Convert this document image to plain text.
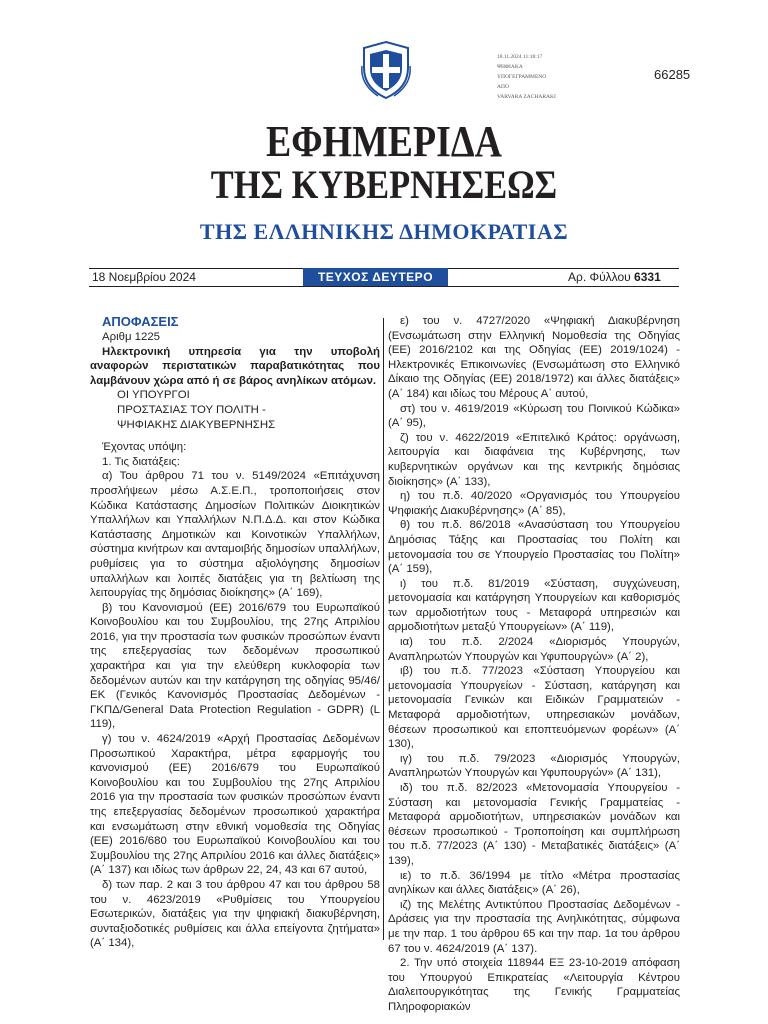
18.11.2024 11:18:17
ΨΗΦΙΑΚΑ
ΥΠΟΓΕΓΡΑΜΜΕΝΟ
ΑΠΟ
VARVARA ZACHARAKI
66285
ΕΦΗΜΕΡΙΔΑ
ΤΗΣ ΚΥΒΕΡΝΗΣΕΩΣ
ΤΗΣ ΕΛΛΗΝΙΚΗΣ ΔΗΜΟΚΡΑΤΙΑΣ
18 Νοεμβρίου 2024	ΤΕΥΧΟΣ ΔΕΥΤΕΡΟ	Αρ. Φύλλου 6331

ΑΠΟΦΑΣΕΙΣ

Αριθμ 1225

Ηλεκτρονική υπηρεσία για την υποβολή αναφορών περιστατικών παραβατικότητας που λαμβάνουν χώρα από ή σε βάρος ανηλίκων ατόμων.

ΟΙ ΥΠΟΥΡΓΟΙ
ΠΡΟΣΤΑΣΙΑΣ ΤΟΥ ΠΟΛΙΤΗ -
ΨΗΦΙΑΚΗΣ ΔΙΑΚΥΒΕΡΝΗΣΗΣ

Έχοντας υπόψη:

1. Τις διατάξεις:

α) Του άρθρου 71 του ν. 5149/2024 «Επιτάχυνση προσλήψεων μέσω Α.Σ.Ε.Π., τροποποιήσεις στον Κώδικα Κατάστασης Δημοσίων Πολιτικών Διοικητικών Υπαλλήλων και Υπαλλήλων Ν.Π.Δ.Δ. και στον Κώδικα Κατάστασης Δημοτικών και Κοινοτικών Υπαλλήλων, σύστημα κινήτρων και ανταμοιβής δημοσίων υπαλλήλων, ρυθμίσεις για το σύστημα αξιολόγησης δημοσίων υπαλλήλων και λοιπές διατάξεις για τη βελτίωση της λειτουργίας της δημόσιας διοίκησης» (Α΄ 169),

β) του Κανονισμού (ΕΕ) 2016/679 του Ευρωπαϊκού Κοινοβουλίου και του Συμβουλίου, της 27ης Απριλίου 2016, για την προστασία των φυσικών προσώπων έναντι της επεξεργασίας των δεδομένων προσωπικού χαρακτήρα και για την ελεύθερη κυκλοφορία των δεδομένων αυτών και την κατάργηση της οδηγίας 95/46/ΕΚ (Γενικός Κανονισμός Προστασίας Δεδομένων - ΓΚΠΔ/General Data Protection Regulation - GDPR) (L 119),

γ) του ν. 4624/2019 «Αρχή Προστασίας Δεδομένων Προσωπικού Χαρακτήρα, μέτρα εφαρμογής του κανονισμού (ΕΕ) 2016/679 του Ευρωπαϊκού Κοινοβουλίου και του Συμβουλίου της 27ης Απριλίου 2016 για την προστασία των φυσικών προσώπων έναντι της επεξεργασίας δεδομένων προσωπικού χαρακτήρα και ενσωμάτωση στην εθνική νομοθεσία της Οδηγίας (ΕΕ) 2016/680 του Ευρωπαϊκού Κοινοβουλίου και του Συμβουλίου της 27ης Απριλίου 2016 και άλλες διατάξεις» (Α΄ 137) και ιδίως των άρθρων 22, 24, 43 και 67 αυτού,

δ) των παρ. 2 και 3 του άρθρου 47 και του άρθρου 58 του ν. 4623/2019 «Ρυθμίσεις του Υπουργείου Εσωτερικών, διατάξεις για την ψηφιακή διακυβέρνηση, συνταξιοδοτικές ρυθμίσεις και άλλα επείγοντα ζητήματα» (Α΄ 134),

ε) του ν. 4727/2020 «Ψηφιακή Διακυβέρνηση (Ενσωμάτωση στην Ελληνική Νομοθεσία της Οδηγίας (ΕΕ) 2016/2102 και της Οδηγίας (ΕΕ) 2019/1024) - Ηλεκτρονικές Επικοινωνίες (Ενσωμάτωση στο Ελληνικό Δίκαιο της Οδηγίας (ΕΕ) 2018/1972) και άλλες διατάξεις» (Α΄ 184) και ιδίως του Μέρους Α΄ αυτού,

στ) του ν. 4619/2019 «Κύρωση του Ποινικού Κώδικα» (Α΄ 95),

ζ) του ν. 4622/2019 «Επιτελικό Κράτος: οργάνωση, λειτουργία και διαφάνεια της Κυβέρνησης, των κυβερνητικών οργάνων και της κεντρικής δημόσιας διοίκησης» (Α΄ 133),

η) του π.δ. 40/2020 «Οργανισμός του Υπουργείου Ψηφιακής Διακυβέρνησης» (Α΄ 85),

θ) του π.δ. 86/2018 «Ανασύσταση του Υπουργείου Δημόσιας Τάξης και Προστασίας του Πολίτη και μετονομασία του σε Υπουργείο Προστασίας του Πολίτη» (Α΄ 159),

ι) του π.δ. 81/2019 «Σύσταση, συγχώνευση, μετονομασία και κατάργηση Υπουργείων και καθορισμός των αρμοδιοτήτων τους - Μεταφορά υπηρεσιών και αρμοδιοτήτων μεταξύ Υπουργείων» (Α΄ 119),

ια) του π.δ. 2/2024 «Διορισμός Υπουργών, Αναπληρωτών Υπουργών και Υφυπουργών» (Α΄ 2),

ιβ) του π.δ. 77/2023 «Σύσταση Υπουργείου και μετονομασία Υπουργείων - Σύσταση, κατάργηση και μετονομασία Γενικών και Ειδικών Γραμματειών - Μεταφορά αρμοδιοτήτων, υπηρεσιακών μονάδων, θέσεων προσωπικού και εποπτευόμενων φορέων» (Α΄ 130),

ιγ) του π.δ. 79/2023 «Διορισμός Υπουργών, Αναπληρωτών Υπουργών και Υφυπουργών» (Α΄ 131),

ιδ) του π.δ. 82/2023 «Μετονομασία Υπουργείου - Σύσταση και μετονομασία Γενικής Γραμματείας - Μεταφορά αρμοδιοτήτων, υπηρεσιακών μονάδων και θέσεων προσωπικού - Τροποποίηση και συμπλήρωση του π.δ. 77/2023 (Α΄ 130) - Μεταβατικές διατάξεις» (Α΄ 139),

ιε) το π.δ. 36/1994 με τίτλο «Μέτρα προστασίας ανηλίκων και άλλες διατάξεις» (Α΄ 26),

ιζ) της Μελέτης Αντικτύπου Προστασίας Δεδομένων - Δράσεις για την προστασία της Ανηλικότητας, σύμφωνα με την παρ. 1 του άρθρου 65 και την παρ. 1α του άρθρου 67 του ν. 4624/2019 (Α΄ 137).

2. Την υπό στοιχεία 118944 ΕΞ 23-10-2019 απόφαση του Υπουργού Επικρατείας «Λειτουργία Κέντρου Διαλειτουργικότητας της Γενικής Γραμματείας Πληροφοριακών
